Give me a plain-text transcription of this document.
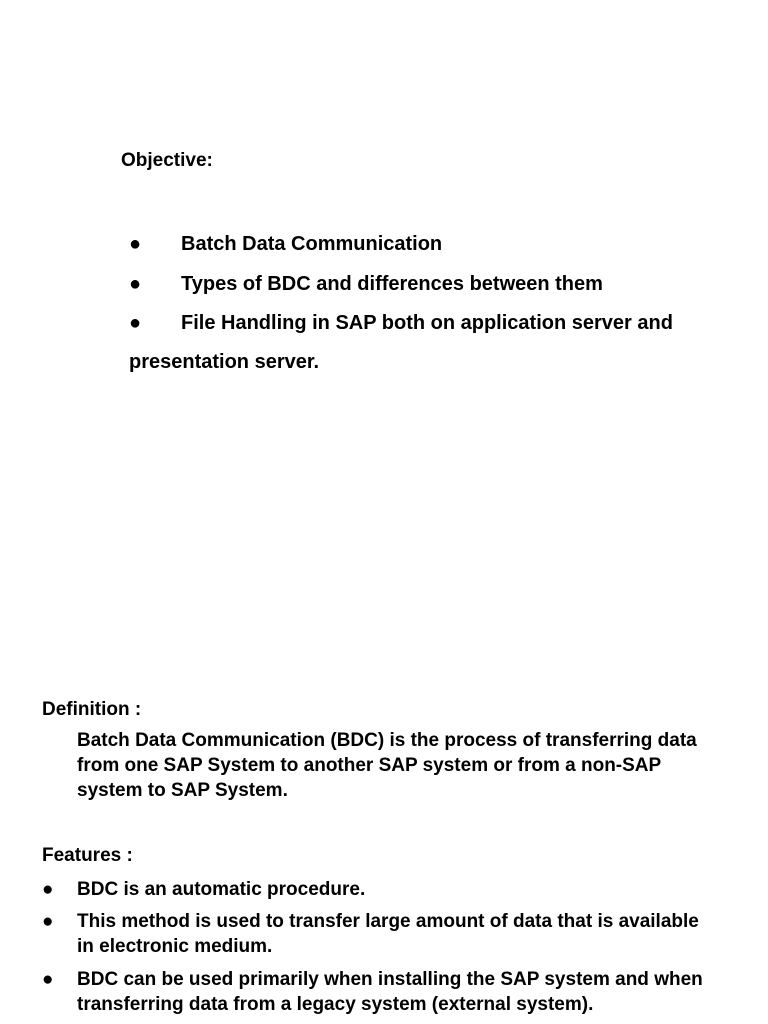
Objective:
● Batch Data Communication
● Types of BDC and differences between them
● File Handling in SAP both on application server and
presentation server.
Definition :
Batch Data Communication (BDC) is the process of transferring data
from one SAP System to another SAP system or from a non-SAP
system to SAP System.
Features :
● BDC is an automatic procedure.
● This method is used to transfer large amount of data that is available
in electronic medium.
● BDC can be used primarily when installing the SAP system and when
transferring data from a legacy system (external system).
